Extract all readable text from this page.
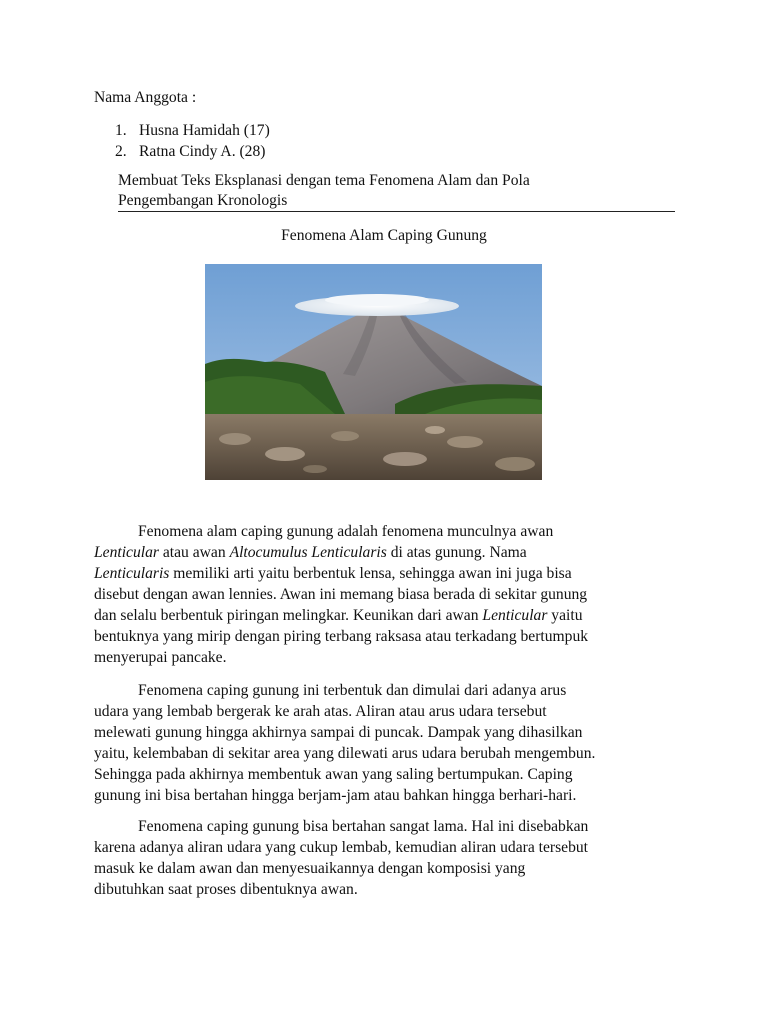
Nama Anggota :
1. Husna Hamidah (17)
2. Ratna Cindy A. (28)
Membuat Teks Eksplanasi dengan tema Fenomena Alam dan Pola
Pengembangan Kronologis
Fenomena Alam Caping Gunung

Fenomena alam caping gunung adalah fenomena munculnya awan
Lenticular atau awan Altocumulus Lenticularis di atas gunung. Nama
Lenticularis memiliki arti yaitu berbentuk lensa, sehingga awan ini juga bisa
disebut dengan awan lennies. Awan ini memang biasa berada di sekitar gunung
dan selalu berbentuk piringan melingkar. Keunikan dari awan Lenticular yaitu
bentuknya yang mirip dengan piring terbang raksasa atau terkadang bertumpuk
menyerupai pancake.

Fenomena caping gunung ini terbentuk dan dimulai dari adanya arus
udara yang lembab bergerak ke arah atas. Aliran atau arus udara tersebut
melewati gunung hingga akhirnya sampai di puncak. Dampak yang dihasilkan
yaitu, kelembaban di sekitar area yang dilewati arus udara berubah mengembun.
Sehingga pada akhirnya membentuk awan yang saling bertumpukan. Caping
gunung ini bisa bertahan hingga berjam-jam atau bahkan hingga berhari-hari.

Fenomena caping gunung bisa bertahan sangat lama. Hal ini disebabkan
karena adanya aliran udara yang cukup lembab, kemudian aliran udara tersebut
masuk ke dalam awan dan menyesuaikannya dengan komposisi yang
dibutuhkan saat proses dibentuknya awan.
